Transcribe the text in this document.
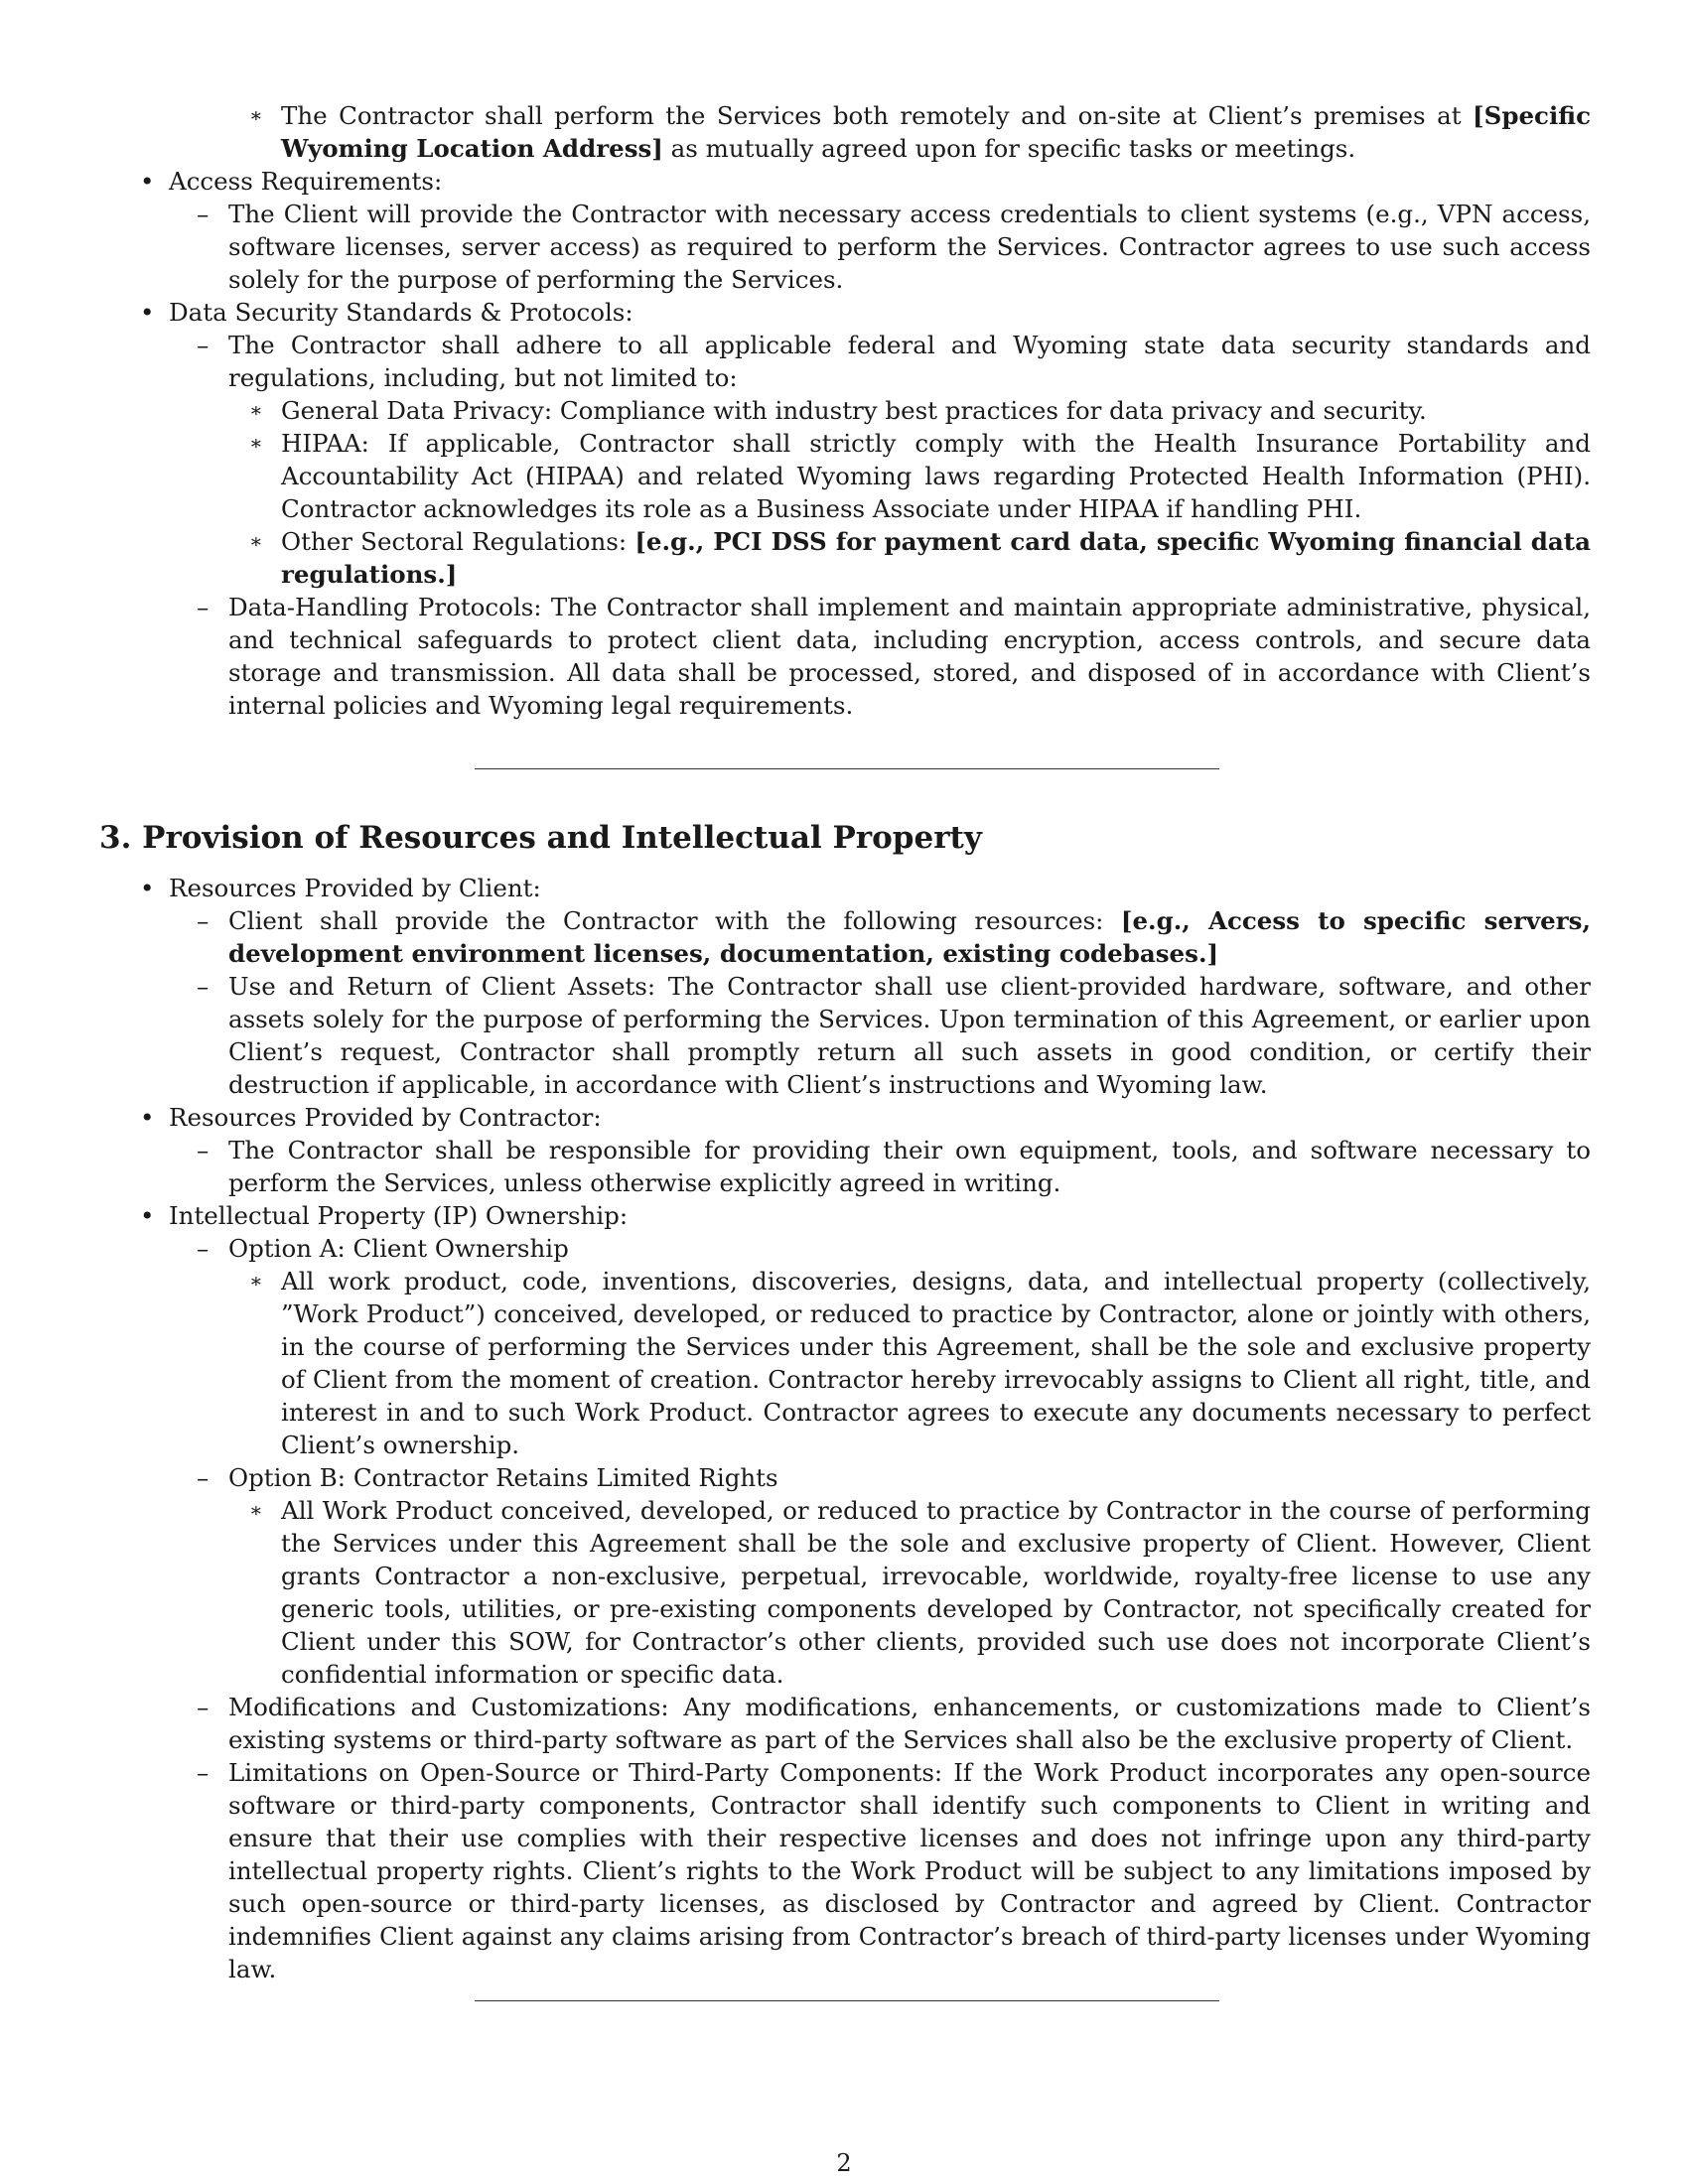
∗ The Contractor shall perform the Services both remotely and on-site at Client’s premises at [Specific Wyoming Location Address] as mutually agreed upon for specific tasks or meetings.
• Access Requirements:
– The Client will provide the Contractor with necessary access credentials to client systems (e.g., VPN access, software licenses, server access) as required to perform the Services. Contractor agrees to use such access solely for the purpose of performing the Services.
• Data Security Standards & Protocols:
– The Contractor shall adhere to all applicable federal and Wyoming state data security standards and regulations, including, but not limited to:
∗ General Data Privacy: Compliance with industry best practices for data privacy and security.
∗ HIPAA: If applicable, Contractor shall strictly comply with the Health Insurance Portability and Accountability Act (HIPAA) and related Wyoming laws regarding Protected Health Information (PHI). Contractor acknowledges its role as a Business Associate under HIPAA if handling PHI.
∗ Other Sectoral Regulations: [e.g., PCI DSS for payment card data, specific Wyoming financial data regulations.]
– Data-Handling Protocols: The Contractor shall implement and maintain appropriate administrative, physical, and technical safeguards to protect client data, including encryption, access controls, and secure data storage and transmission. All data shall be processed, stored, and disposed of in accordance with Client’s internal policies and Wyoming legal requirements.
3. Provision of Resources and Intellectual Property
• Resources Provided by Client:
– Client shall provide the Contractor with the following resources: [e.g., Access to specific servers, development environment licenses, documentation, existing codebases.]
– Use and Return of Client Assets: The Contractor shall use client-provided hardware, software, and other assets solely for the purpose of performing the Services. Upon termination of this Agreement, or earlier upon Client’s request, Contractor shall promptly return all such assets in good condition, or certify their destruction if applicable, in accordance with Client’s instructions and Wyoming law.
• Resources Provided by Contractor:
– The Contractor shall be responsible for providing their own equipment, tools, and software necessary to perform the Services, unless otherwise explicitly agreed in writing.
• Intellectual Property (IP) Ownership:
– Option A: Client Ownership
∗ All work product, code, inventions, discoveries, designs, data, and intellectual property (collectively, ”Work Product”) conceived, developed, or reduced to practice by Contractor, alone or jointly with others, in the course of performing the Services under this Agreement, shall be the sole and exclusive property of Client from the moment of creation. Contractor hereby irrevocably assigns to Client all right, title, and interest in and to such Work Product. Contractor agrees to execute any documents necessary to perfect Client’s ownership.
– Option B: Contractor Retains Limited Rights
∗ All Work Product conceived, developed, or reduced to practice by Contractor in the course of performing the Services under this Agreement shall be the sole and exclusive property of Client. However, Client grants Contractor a non-exclusive, perpetual, irrevocable, worldwide, royalty-free license to use any generic tools, utilities, or pre-existing components developed by Contractor, not specifically created for Client under this SOW, for Contractor’s other clients, provided such use does not incorporate Client’s confidential information or specific data.
– Modifications and Customizations: Any modifications, enhancements, or customizations made to Client’s existing systems or third-party software as part of the Services shall also be the exclusive property of Client.
– Limitations on Open-Source or Third-Party Components: If the Work Product incorporates any open-source software or third-party components, Contractor shall identify such components to Client in writing and ensure that their use complies with their respective licenses and does not infringe upon any third-party intellectual property rights. Client’s rights to the Work Product will be subject to any limitations imposed by such open-source or third-party licenses, as disclosed by Contractor and agreed by Client. Contractor indemnifies Client against any claims arising from Contractor’s breach of third-party licenses under Wyoming law.
2
